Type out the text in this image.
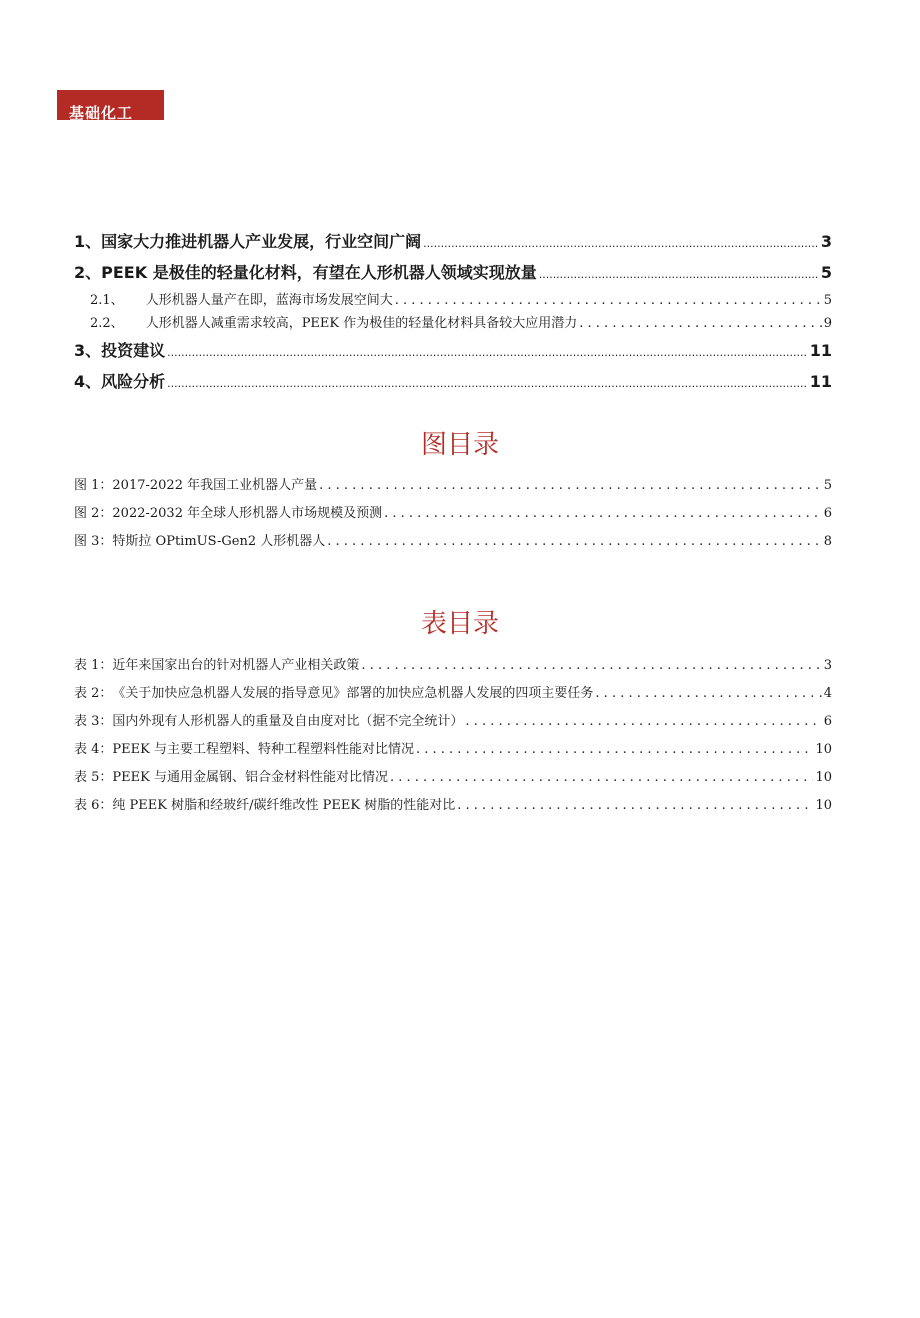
基础化工
1、 国家大力推进机器人产业发展，行业空间广阔 .....	3
2、 PEEK 是极佳的轻量化材料，有望在人形机器人领域实现放量 .....	5
2.1、 人形机器人量产在即，蓝海市场发展空间大 . . .	5
2.2、 人形机器人减重需求较高，PEEK 作为极佳的轻量化材料具备较大应用潜力 . . .	9
3、 投资建议 .....	11
4、 风险分析 .....	11
图目录
图 1： 2017-2022 年我国工业机器人产量 . . .	5
图 2： 2022-2032 年全球人形机器人市场规模及预测 . . .	6
图 3： 特斯拉 OPtimUS-Gen2 人形机器人 . . .	8
表目录
表 1： 近年来国家出台的针对机器人产业相关政策 . . .	3
表 2： 《关于加快应急机器人发展的指导意见》部署的加快应急机器人发展的四项主要任务 . . .	4
表 3： 国内外现有人形机器人的重量及自由度对比（据不完全统计） . . .	6
表 4： PEEK 与主要工程塑料、特种工程塑料性能对比情况 . . .	10
表 5： PEEK 与通用金属钢、铝合金材料性能对比情况 . . .	10
表 6： 纯 PEEK 树脂和经玻纤/碳纤维改性 PEEK 树脂的性能对比 . . .	10
